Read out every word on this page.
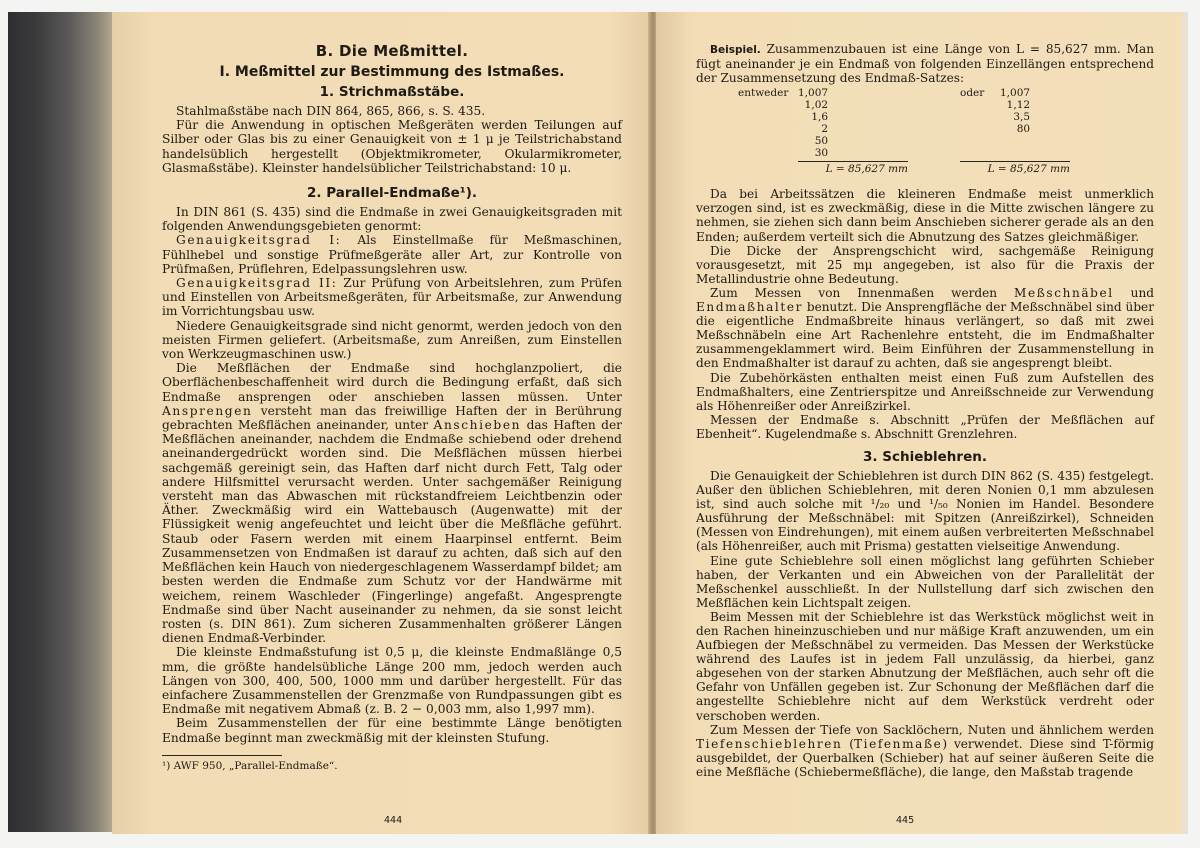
B. Die Meßmittel.
I. Meßmittel zur Bestimmung des Istmaßes.
1. Strichmaßstäbe.

Stahlmaßstäbe nach DIN 864, 865, 866, s. S. 435.

Für die Anwendung in optischen Meßgeräten werden Teilungen auf Silber oder Glas bis zu einer Genauigkeit von ± 1 μ je Teilstrichabstand handelsüblich hergestellt (Objektmikrometer, Okularmikrometer, Glasmaßstäbe). Kleinster handelsüblicher Teilstrichabstand: 10 μ.

2. Parallel-Endmaße¹).

In DIN 861 (S. 435) sind die Endmaße in zwei Genauigkeitsgraden mit folgenden Anwendungsgebieten genormt:

Genauigkeitsgrad I: Als Einstellmaße für Meßmaschinen, Fühlhebel und sonstige Prüfmeßgeräte aller Art, zur Kontrolle von Prüfmaßen, Prüflehren, Edelpassungslehren usw.

Genauigkeitsgrad II: Zur Prüfung von Arbeitslehren, zum Prüfen und Einstellen von Arbeitsmeßgeräten, für Arbeitsmaße, zur Anwendung im Vorrichtungsbau usw.

Niedere Genauigkeitsgrade sind nicht genormt, werden jedoch von den meisten Firmen geliefert. (Arbeitsmaße, zum Anreißen, zum Einstellen von Werkzeugmaschinen usw.)

Die Meßflächen der Endmaße sind hochglanzpoliert, die Oberflächenbeschaffenheit wird durch die Bedingung erfaßt, daß sich Endmaße ansprengen oder anschieben lassen müssen. Unter Ansprengen versteht man das freiwillige Haften der in Berührung gebrachten Meßflächen aneinander, unter Anschieben das Haften der Meßflächen aneinander, nachdem die Endmaße schiebend oder drehend aneinandergedrückt worden sind. Die Meßflächen müssen hierbei sachgemäß gereinigt sein, das Haften darf nicht durch Fett, Talg oder andere Hilfsmittel verursacht werden. Unter sachgemäßer Reinigung versteht man das Abwaschen mit rückstandfreiem Leichtbenzin oder Äther. Zweckmäßig wird ein Wattebausch (Augenwatte) mit der Flüssigkeit wenig angefeuchtet und leicht über die Meßfläche geführt. Staub oder Fasern werden mit einem Haarpinsel entfernt. Beim Zusammensetzen von Endmaßen ist darauf zu achten, daß sich auf den Meßflächen kein Hauch von niedergeschlagenem Wasserdampf bildet; am besten werden die Endmaße zum Schutz vor der Handwärme mit weichem, reinem Waschleder (Fingerlinge) angefaßt. Angesprengte Endmaße sind über Nacht auseinander zu nehmen, da sie sonst leicht rosten (s. DIN 861). Zum sicheren Zusammenhalten größerer Längen dienen Endmaß-Verbinder.

Die kleinste Endmaßstufung ist 0,5 μ, die kleinste Endmaßlänge 0,5 mm, die größte handelsübliche Länge 200 mm, jedoch werden auch Längen von 300, 400, 500, 1000 mm und darüber hergestellt. Für das einfachere Zusammenstellen der Grenzmaße von Rundpassungen gibt es Endmaße mit negativem Abmaß (z. B. 2 − 0,003 mm, also 1,997 mm).

Beim Zusammenstellen der für eine bestimmte Länge benötigten Endmaße beginnt man zweckmäßig mit der kleinsten Stufung.

¹) AWF 950, „Parallel-Endmaße“.
444

Beispiel. Zusammenzubauen ist eine Länge von L = 85,627 mm. Man fügt aneinander je ein Endmaß von folgenden Einzellängen entsprechend der Zusammensetzung des Endmaß-Satzes:

entweder 1,007
1,02
1,6
2
50
30
L = 85,627 mm
oder 1,007
1,12
3,5
80
L = 85,627 mm

Da bei Arbeitssätzen die kleineren Endmaße meist unmerklich verzogen sind, ist es zweckmäßig, diese in die Mitte zwischen längere zu nehmen, sie ziehen sich dann beim Anschieben sicherer gerade als an den Enden; außerdem verteilt sich die Abnutzung des Satzes gleichmäßiger.

Die Dicke der Ansprengschicht wird, sachgemäße Reinigung vorausgesetzt, mit 25 mμ angegeben, ist also für die Praxis der Metallindustrie ohne Bedeutung.

Zum Messen von Innenmaßen werden Meßschnäbel und Endmaßhalter benutzt. Die Ansprengfläche der Meßschnäbel sind über die eigentliche Endmaßbreite hinaus verlängert, so daß mit zwei Meßschnäbeln eine Art Rachenlehre entsteht, die im Endmaßhalter zusammengeklammert wird. Beim Einführen der Zusammenstellung in den Endmaßhalter ist darauf zu achten, daß sie angesprengt bleibt.

Die Zubehörkästen enthalten meist einen Fuß zum Aufstellen des Endmaßhalters, eine Zentrierspitze und Anreißschneide zur Verwendung als Höhenreißer oder Anreißzirkel.

Messen der Endmaße s. Abschnitt „Prüfen der Meßflächen auf Ebenheit“. Kugelendmaße s. Abschnitt Grenzlehren.

3. Schieblehren.

Die Genauigkeit der Schieblehren ist durch DIN 862 (S. 435) festgelegt. Außer den üblichen Schieblehren, mit deren Nonien 0,1 mm abzulesen ist, sind auch solche mit ¹/₂₀ und ¹/₅₀ Nonien im Handel. Besondere Ausführung der Meßschnäbel: mit Spitzen (Anreißzirkel), Schneiden (Messen von Eindrehungen), mit einem außen verbreiterten Meßschnabel (als Höhenreißer, auch mit Prisma) gestatten vielseitige Anwendung.

Eine gute Schieblehre soll einen möglichst lang geführten Schieber haben, der Verkanten und ein Abweichen von der Parallelität der Meßschenkel ausschließt. In der Nullstellung darf sich zwischen den Meßflächen kein Lichtspalt zeigen.

Beim Messen mit der Schieblehre ist das Werkstück möglichst weit in den Rachen hineinzuschieben und nur mäßige Kraft anzuwenden, um ein Aufbiegen der Meßschnäbel zu vermeiden. Das Messen der Werkstücke während des Laufes ist in jedem Fall unzulässig, da hierbei, ganz abgesehen von der starken Abnutzung der Meßflächen, auch sehr oft die Gefahr von Unfällen gegeben ist. Zur Schonung der Meßflächen darf die angestellte Schieblehre nicht auf dem Werkstück verdreht oder verschoben werden.

Zum Messen der Tiefe von Sacklöchern, Nuten und ähnlichem werden Tiefenschieblehren (Tiefenmaße) verwendet. Diese sind T-förmig ausgebildet, der Querbalken (Schieber) hat auf seiner äußeren Seite die eine Meßfläche (Schiebermeßfläche), die lange, den Maßstab tragende

445
